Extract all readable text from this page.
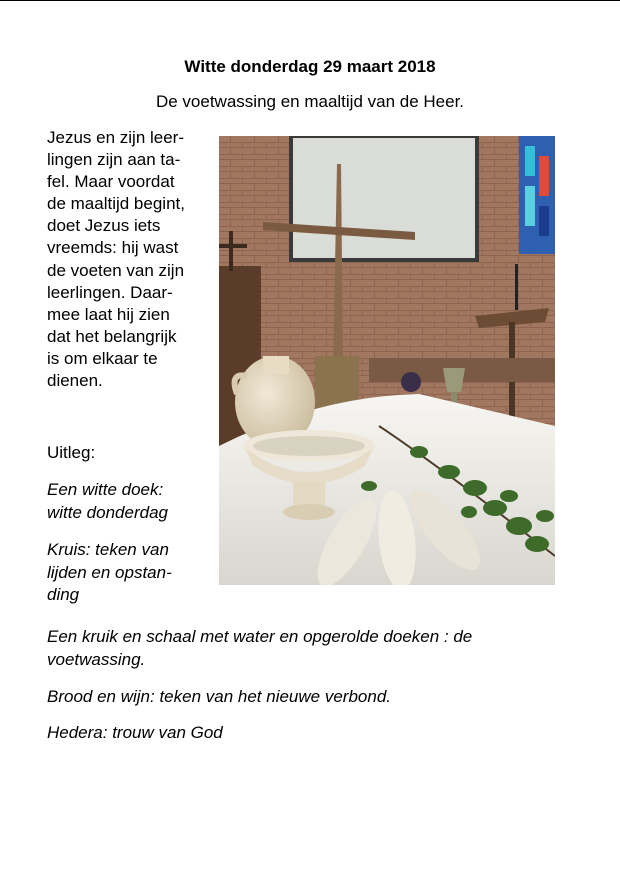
Witte donderdag 29 maart 2018
De voetwassing en maaltijd van de Heer.
Jezus en zijn leer-
lingen zijn aan ta-
fel. Maar voordat
de maaltijd begint,
doet Jezus iets
vreemds: hij wast
de voeten van zijn
leerlingen. Daar-
mee laat hij zien
dat het belangrijk
is om elkaar te
dienen.
Uitleg:
Een witte doek:
witte donderdag
Kruis: teken van
lijden en opstan-
ding
Een kruik en schaal met water en opgerolde doeken : de
voetwassing.
Brood en wijn: teken van het nieuwe verbond.
Hedera: trouw van God
